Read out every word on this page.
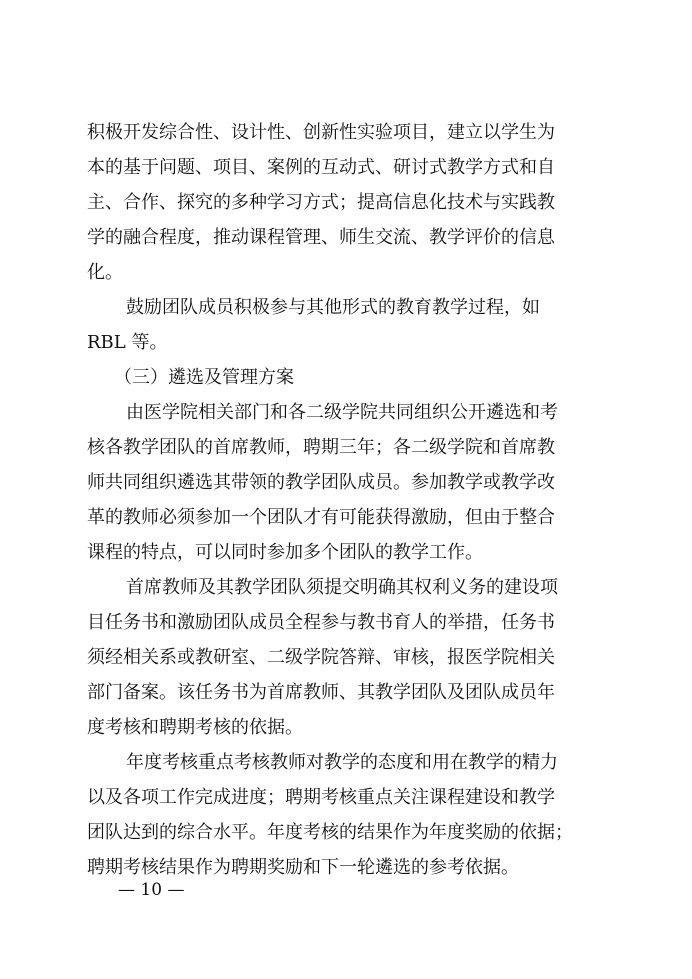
积极开发综合性、设计性、创新性实验项目，建立以学生为
本的基于问题、项目、案例的互动式、研讨式教学方式和自
主、合作、探究的多种学习方式；提高信息化技术与实践教
学的融合程度，推动课程管理、师生交流、教学评价的信息
化。
鼓励团队成员积极参与其他形式的教育教学过程，如
RBL 等。
（三）遴选及管理方案
由医学院相关部门和各二级学院共同组织公开遴选和考
核各教学团队的首席教师，聘期三年；各二级学院和首席教
师共同组织遴选其带领的教学团队成员。参加教学或教学改
革的教师必须参加一个团队才有可能获得激励，但由于整合
课程的特点，可以同时参加多个团队的教学工作。
首席教师及其教学团队须提交明确其权利义务的建设项
目任务书和激励团队成员全程参与教书育人的举措，任务书
须经相关系或教研室、二级学院答辩、审核，报医学院相关
部门备案。该任务书为首席教师、其教学团队及团队成员年
度考核和聘期考核的依据。
年度考核重点考核教师对教学的态度和用在教学的精力
以及各项工作完成进度；聘期考核重点关注课程建设和教学
团队达到的综合水平。年度考核的结果作为年度奖励的依据；
聘期考核结果作为聘期奖励和下一轮遴选的参考依据。
— 10 —
